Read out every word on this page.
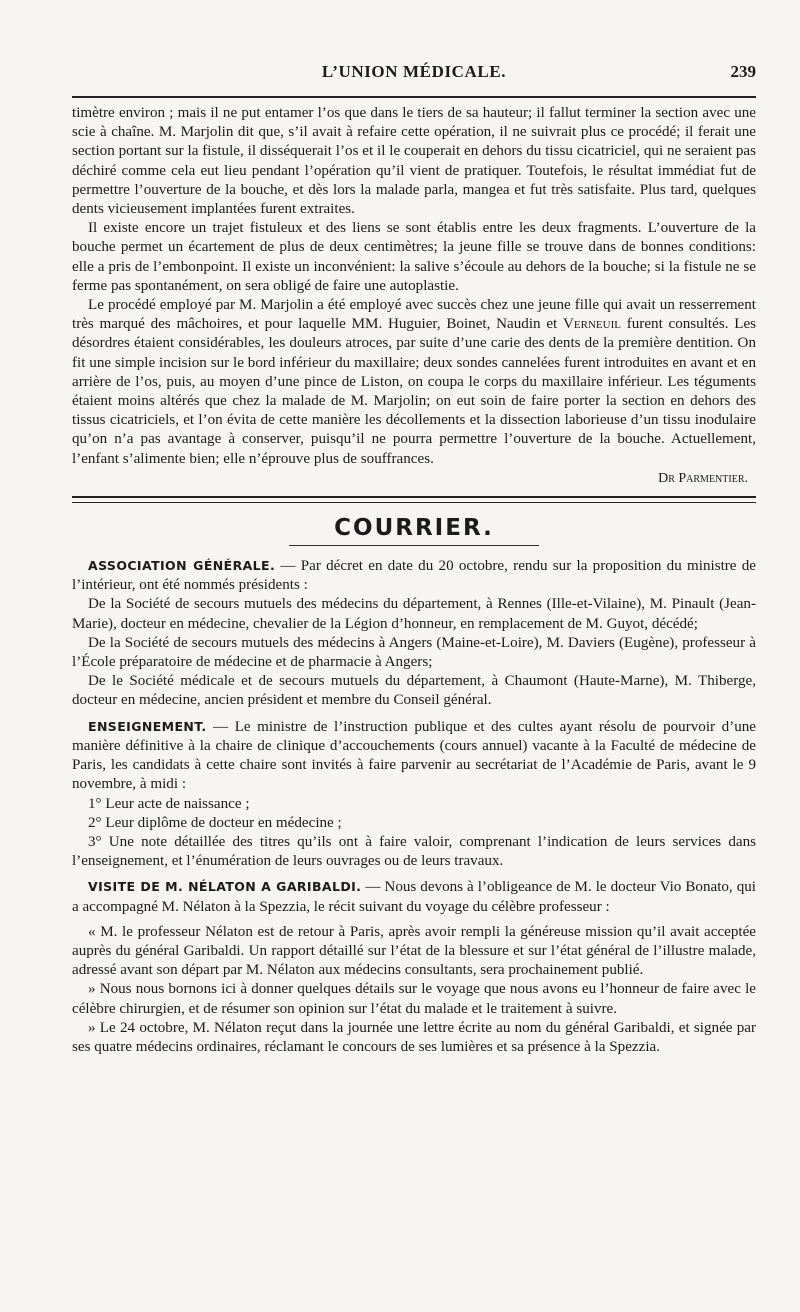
L’UNION MÉDICALE.	239

timètre environ ; mais il ne put entamer l’os que dans le tiers de sa hauteur; il fallut terminer la section avec une scie à chaîne. M. Marjolin dit que, s’il avait à refaire cette opération, il ne suivrait plus ce procédé; il ferait une section portant sur la fistule, il disséquerait l’os et il le couperait en dehors du tissu cicatriciel, qui ne seraient pas déchiré comme cela eut lieu pendant l’opération qu’il vient de pratiquer. Toutefois, le résultat immédiat fut de permettre l’ouverture de la bouche, et dès lors la malade parla, mangea et fut très satisfaite. Plus tard, quelques dents vicieusement implantées furent extraites.

Il existe encore un trajet fistuleux et des liens se sont établis entre les deux fragments. L’ouverture de la bouche permet un écartement de plus de deux centimètres; la jeune fille se trouve dans de bonnes conditions: elle a pris de l’embonpoint. Il existe un inconvénient: la salive s’écoule au dehors de la bouche; si la fistule ne se ferme pas spontanément, on sera obligé de faire une autoplastie.

Le procédé employé par M. Marjolin a été employé avec succès chez une jeune fille qui avait un resserrement très marqué des mâchoires, et pour laquelle MM. Huguier, Boinet, Naudin et Verneuil furent consultés. Les désordres étaient considérables, les douleurs atroces, par suite d’une carie des dents de la première dentition. On fit une simple incision sur le bord inférieur du maxillaire; deux sondes cannelées furent introduites en avant et en arrière de l’os, puis, au moyen d’une pince de Liston, on coupa le corps du maxillaire inférieur. Les téguments étaient moins altérés que chez la malade de M. Marjolin; on eut soin de faire porter la section en dehors des tissus cicatriciels, et l’on évita de cette manière les décollements et la dissection laborieuse d’un tissu inodulaire qu’on n’a pas avantage à conserver, puisqu’il ne pourra permettre l’ouverture de la bouche. Actuellement, l’enfant s’alimente bien; elle n’éprouve plus de souffrances.

Dr Parmentier.
COURRIER.

ASSOCIATION GÉNÉRALE. — Par décret en date du 20 octobre, rendu sur la proposition du ministre de l’intérieur, ont été nommés présidents :

De la Société de secours mutuels des médecins du département, à Rennes (Ille-et-Vilaine), M. Pinault (Jean-Marie), docteur en médecine, chevalier de la Légion d’honneur, en remplacement de M. Guyot, décédé;

De la Société de secours mutuels des médecins à Angers (Maine-et-Loire), M. Daviers (Eugène), professeur à l’École préparatoire de médecine et de pharmacie à Angers;

De le Société médicale et de secours mutuels du département, à Chaumont (Haute-Marne), M. Thiberge, docteur en médecine, ancien président et membre du Conseil général.

ENSEIGNEMENT. — Le ministre de l’instruction publique et des cultes ayant résolu de pourvoir d’une manière définitive à la chaire de clinique d’accouchements (cours annuel) vacante à la Faculté de médecine de Paris, les candidats à cette chaire sont invités à faire parvenir au secrétariat de l’Académie de Paris, avant le 9 novembre, à midi :

1° Leur acte de naissance ;

2° Leur diplôme de docteur en médecine ;

3° Une note détaillée des titres qu’ils ont à faire valoir, comprenant l’indication de leurs services dans l’enseignement, et l’énumération de leurs ouvrages ou de leurs travaux.

VISITE DE M. NÉLATON A GARIBALDI. — Nous devons à l’obligeance de M. le docteur Vio Bonato, qui a accompagné M. Nélaton à la Spezzia, le récit suivant du voyage du célèbre professeur :

« M. le professeur Nélaton est de retour à Paris, après avoir rempli la généreuse mission qu’il avait acceptée auprès du général Garibaldi. Un rapport détaillé sur l’état de la blessure et sur l’état général de l’illustre malade, adressé avant son départ par M. Nélaton aux médecins consultants, sera prochainement publié.

» Nous nous bornons ici à donner quelques détails sur le voyage que nous avons eu l’honneur de faire avec le célèbre chirurgien, et de résumer son opinion sur l’état du malade et le traitement à suivre.

» Le 24 octobre, M. Nélaton reçut dans la journée une lettre écrite au nom du général Garibaldi, et signée par ses quatre médecins ordinaires, réclamant le concours de ses lumières et sa présence à la Spezzia.
